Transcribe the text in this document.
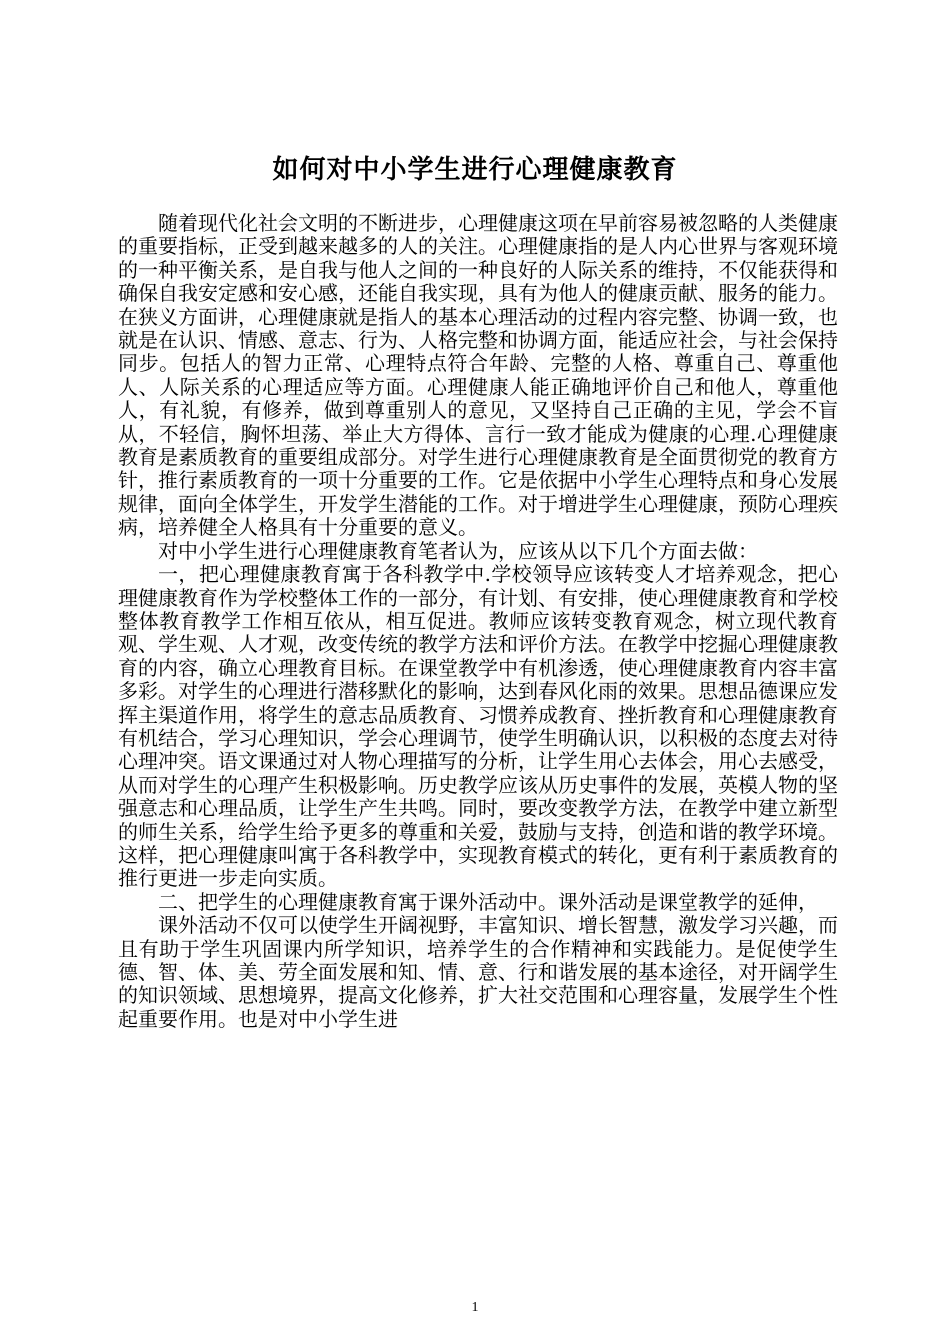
如何对中小学生进行心理健康教育

随着现代化社会文明的不断进步，心理健康这项在早前容易被忽略的人类健康的重要指标，正受到越来越多的人的关注。心理健康指的是人内心世界与客观环境的一种平衡关系，是自我与他人之间的一种良好的人际关系的维持，不仅能获得和确保自我安定感和安心感，还能自我实现，具有为他人的健康贡献、服务的能力。在狭义方面讲，心理健康就是指人的基本心理活动的过程内容完整、协调一致，也就是在认识、情感、意志、行为、人格完整和协调方面，能适应社会，与社会保持同步。包括人的智力正常、心理特点符合年龄、完整的人格、尊重自己、尊重他人、人际关系的心理适应等方面。心理健康人能正确地评价自己和他人，尊重他人，有礼貌，有修养，做到尊重别人的意见，又坚持自己正确的主见，学会不盲从，不轻信，胸怀坦荡、举止大方得体、言行一致才能成为健康的心理.心理健康教育是素质教育的重要组成部分。对学生进行心理健康教育是全面贯彻党的教育方针，推行素质教育的一项十分重要的工作。它是依据中小学生心理特点和身心发展规律，面向全体学生，开发学生潜能的工作。对于增进学生心理健康，预防心理疾病，培养健全人格具有十分重要的意义。

对中小学生进行心理健康教育笔者认为，应该从以下几个方面去做：

一，把心理健康教育寓于各科教学中.学校领导应该转变人才培养观念，把心理健康教育作为学校整体工作的一部分，有计划、有安排，使心理健康教育和学校整体教育教学工作相互依从，相互促进。教师应该转变教育观念，树立现代教育观、学生观、人才观，改变传统的教学方法和评价方法。在教学中挖掘心理健康教育的内容，确立心理教育目标。在课堂教学中有机渗透，使心理健康教育内容丰富多彩。对学生的心理进行潜移默化的影响，达到春风化雨的效果。思想品德课应发挥主渠道作用，将学生的意志品质教育、习惯养成教育、挫折教育和心理健康教育有机结合，学习心理知识，学会心理调节，使学生明确认识，以积极的态度去对待心理冲突。语文课通过对人物心理描写的分析，让学生用心去体会，用心去感受，从而对学生的心理产生积极影响。历史教学应该从历史事件的发展，英模人物的坚强意志和心理品质，让学生产生共鸣。同时，要改变教学方法，在教学中建立新型的师生关系，给学生给予更多的尊重和关爱，鼓励与支持，创造和谐的教学环境。这样，把心理健康叫寓于各科教学中，实现教育模式的转化，更有利于素质教育的推行更进一步走向实质。

二、把学生的心理健康教育寓于课外活动中。课外活动是课堂教学的延伸，

课外活动不仅可以使学生开阔视野，丰富知识、增长智慧，激发学习兴趣，而且有助于学生巩固课内所学知识，培养学生的合作精神和实践能力。是促使学生德、智、体、美、劳全面发展和知、情、意、行和谐发展的基本途径，对开阔学生的知识领域、思想境界，提高文化修养，扩大社交范围和心理容量，发展学生个性起重要作用。也是对中小学生进

1
